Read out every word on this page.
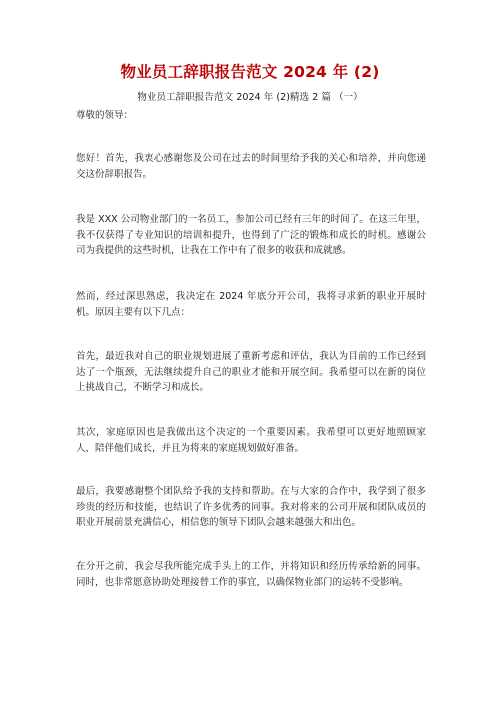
物业员工辞职报告范文 2024 年 (2)
物业员工辞职报告范文 2024 年 (2)精选 2 篇 （一）

尊敬的领导：

您好！首先，我衷心感谢您及公司在过去的时间里给予我的关心和培养，并向您递交这份辞职报告。

我是 XXX 公司物业部门的一名员工，参加公司已经有三年的时间了。在这三年里，我不仅获得了专业知识的培训和提升，也得到了广泛的锻炼和成长的时机。感谢公司为我提供的这些时机，让我在工作中有了很多的收获和成就感。

然而，经过深思熟虑，我决定在 2024 年底分开公司，我将寻求新的职业开展时机。原因主要有以下几点：

首先，最近我对自己的职业规划进展了重新考虑和评估，我认为目前的工作已经到达了一个瓶颈，无法继续提升自己的职业才能和开展空间。我希望可以在新的岗位上挑战自己，不断学习和成长。

其次，家庭原因也是我做出这个决定的一个重要因素。我希望可以更好地照顾家人，陪伴他们成长，并且为将来的家庭规划做好准备。

最后，我要感谢整个团队给予我的支持和帮助。在与大家的合作中，我学到了很多珍贵的经历和技能，也结识了许多优秀的同事。我对将来的公司开展和团队成员的职业开展前景充满信心，相信您的领导下团队会越来越强大和出色。

在分开之前，我会尽我所能完成手头上的工作，并将知识和经历传承给新的同事。同时，也非常愿意协助处理接替工作的事宜，以确保物业部门的运转不受影响。
